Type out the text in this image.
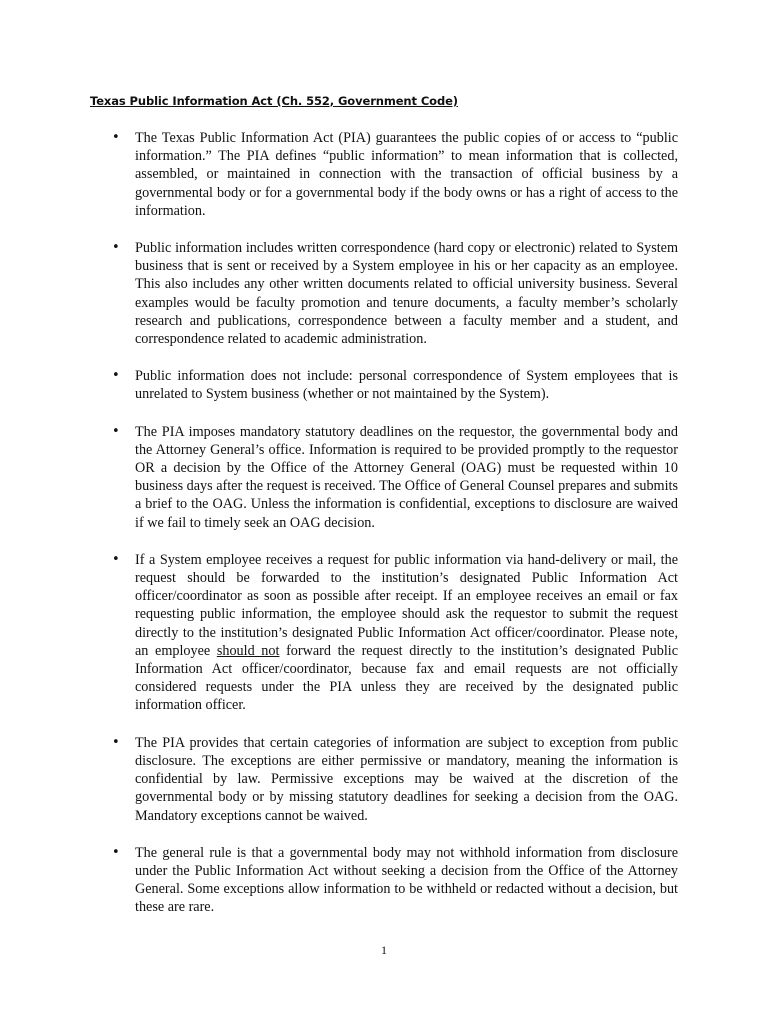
Texas Public Information Act (Ch. 552, Government Code)
• The Texas Public Information Act (PIA) guarantees the public copies of or access to “public information.” The PIA defines “public information” to mean information that is collected, assembled, or maintained in connection with the transaction of official business by a governmental body or for a governmental body if the body owns or has a right of access to the information.
• Public information includes written correspondence (hard copy or electronic) related to System business that is sent or received by a System employee in his or her capacity as an employee. This also includes any other written documents related to official university business. Several examples would be faculty promotion and tenure documents, a faculty member’s scholarly research and publications, correspondence between a faculty member and a student, and correspondence related to academic administration.
• Public information does not include: personal correspondence of System employees that is unrelated to System business (whether or not maintained by the System).
• The PIA imposes mandatory statutory deadlines on the requestor, the governmental body and the Attorney General’s office. Information is required to be provided promptly to the requestor OR a decision by the Office of the Attorney General (OAG) must be requested within 10 business days after the request is received. The Office of General Counsel prepares and submits a brief to the OAG. Unless the information is confidential, exceptions to disclosure are waived if we fail to timely seek an OAG decision.
• If a System employee receives a request for public information via hand-delivery or mail, the request should be forwarded to the institution’s designated Public Information Act officer/coordinator as soon as possible after receipt. If an employee receives an email or fax requesting public information, the employee should ask the requestor to submit the request directly to the institution’s designated Public Information Act officer/coordinator. Please note, an employee should not forward the request directly to the institution’s designated Public Information Act officer/coordinator, because fax and email requests are not officially considered requests under the PIA unless they are received by the designated public information officer.
• The PIA provides that certain categories of information are subject to exception from public disclosure. The exceptions are either permissive or mandatory, meaning the information is confidential by law. Permissive exceptions may be waived at the discretion of the governmental body or by missing statutory deadlines for seeking a decision from the OAG. Mandatory exceptions cannot be waived.
• The general rule is that a governmental body may not withhold information from disclosure under the Public Information Act without seeking a decision from the Office of the Attorney General. Some exceptions allow information to be withheld or redacted without a decision, but these are rare.
1
